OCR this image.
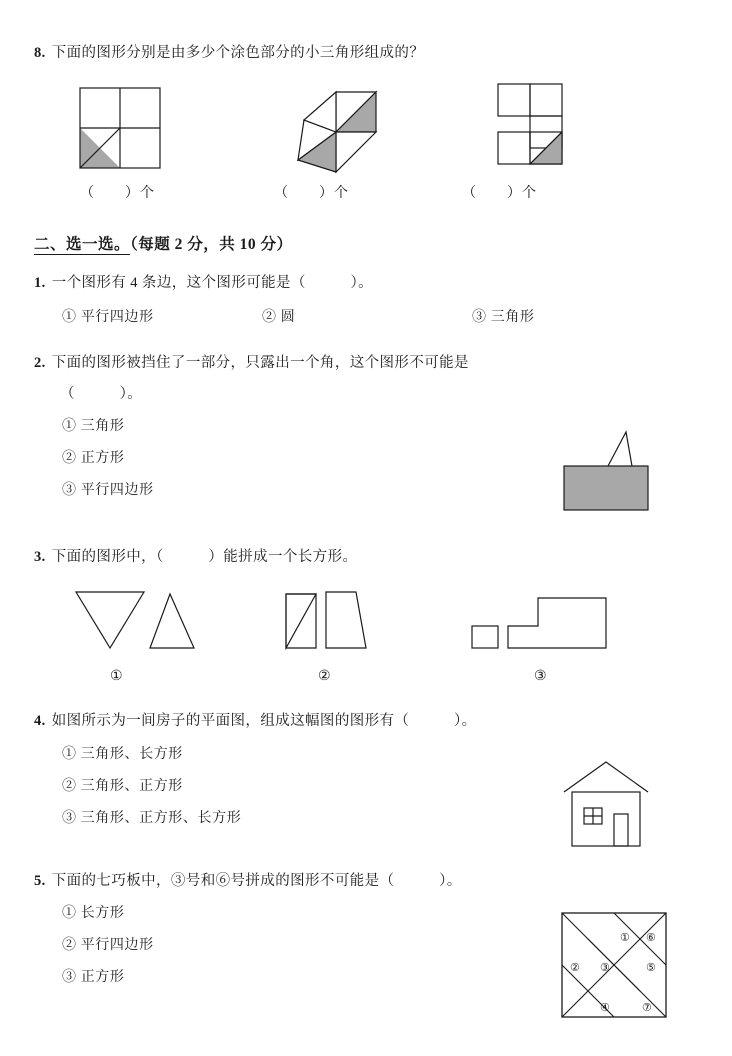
8. 下面的图形分别是由多少个涂色部分的小三角形组成的？
（　　）个	（　　）个	（　　）个
二、选一选。（每题 2 分，共 10 分）
1. 一个图形有 4 条边，这个图形可能是（　　　）。
① 平行四边形	② 圆	③ 三角形
2. 下面的图形被挡住了一部分，只露出一个角，这个图形不可能是
（　　　）。
① 三角形
② 正方形
③ 平行四边形
3. 下面的图形中，（　　　）能拼成一个长方形。
①	②	③
4. 如图所示为一间房子的平面图，组成这幅图的图形有（　　　）。
① 三角形、长方形
② 三角形、正方形
③ 三角形、正方形、长方形
5. 下面的七巧板中，③号和⑥号拼成的图形不可能是（　　　）。
① 长方形
② 平行四边形
③ 正方形
① ⑥
②	⑤
③
④	⑦
